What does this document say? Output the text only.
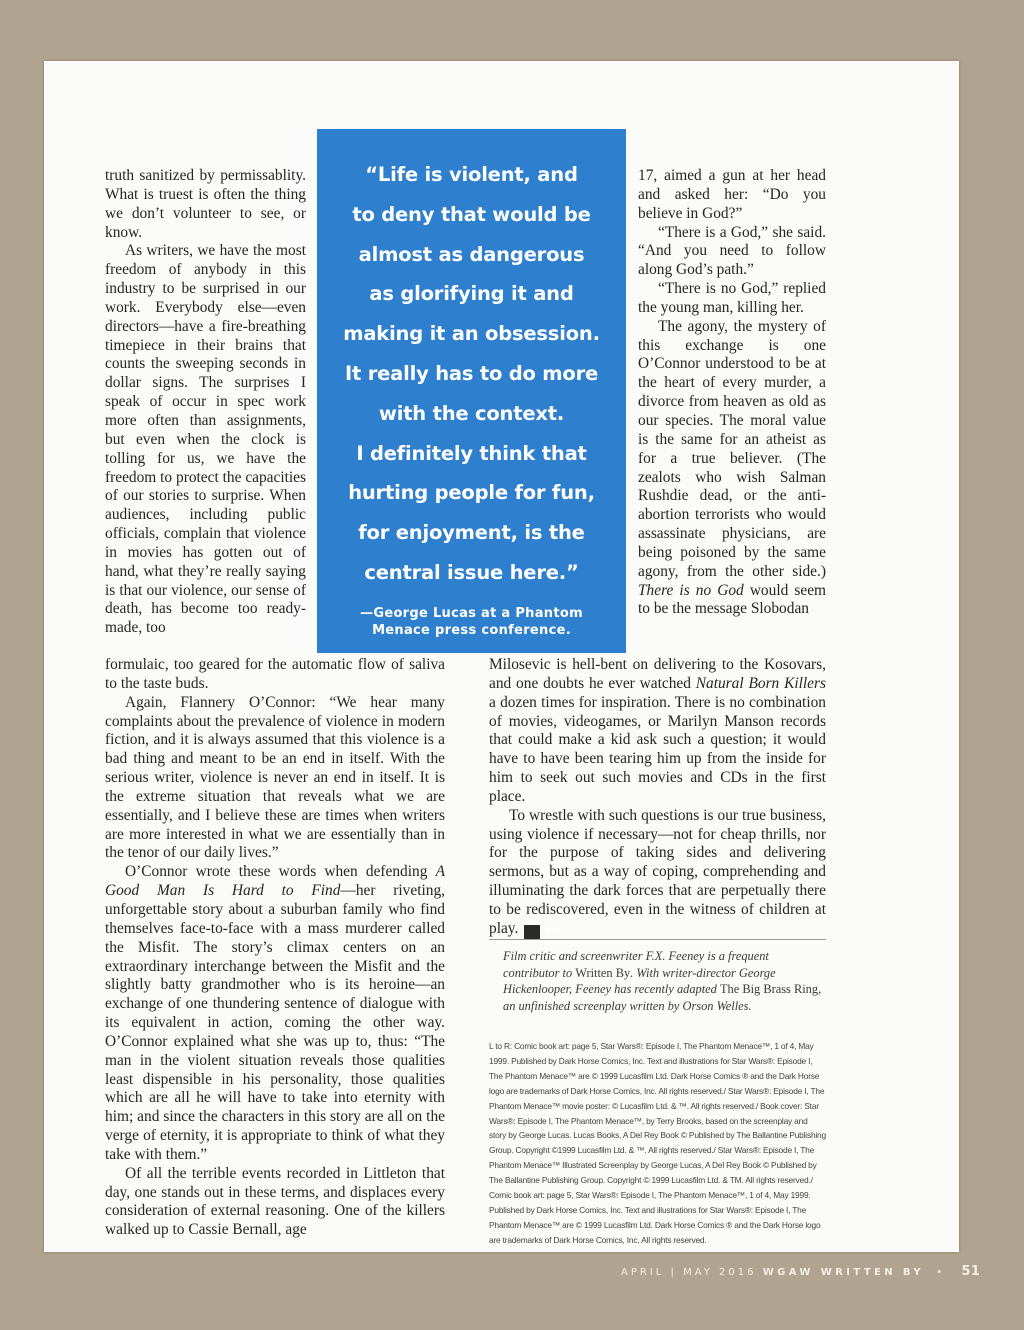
truth sanitized by permissablity. What is truest is often the thing we don’t volunteer to see, or know.

As writers, we have the most freedom of anybody in this industry to be surprised in our work. Everybody else—even directors—have a fire-breathing timepiece in their brains that counts the sweeping seconds in dollar signs. The surprises I speak of occur in spec work more often than assignments, but even when the clock is tolling for us, we have the freedom to protect the capacities of our stories to surprise. When audiences, including public officials, complain that violence in movies has gotten out of hand, what they’re really saying is that our violence, our sense of death, has become too ready-made, too

“Life is violent, and
to deny that would be
almost as dangerous
as glorifying it and
making it an obsession.
It really has to do more
with the context.
I definitely think that
hurting people for fun,
for enjoyment, is the
central issue here.”
—George Lucas at a Phantom
Menace press conference.

17, aimed a gun at her head and asked her: “Do you believe in God?”

“There is a God,” she said. “And you need to follow along God’s path.”

“There is no God,” replied the young man, killing her.

The agony, the mystery of this exchange is one O’Connor understood to be at the heart of every murder, a divorce from heaven as old as our species. The moral value is the same for an atheist as for a true believer. (The zealots who wish Salman Rushdie dead, or the anti-abortion terrorists who would assassinate physicians, are being poisoned by the same agony, from the other side.) There is no God would seem to be the message Slobodan

formulaic, too geared for the automatic flow of saliva to the taste buds.

Again, Flannery O’Connor: “We hear many complaints about the prevalence of violence in modern fiction, and it is always assumed that this violence is a bad thing and meant to be an end in itself. With the serious writer, violence is never an end in itself. It is the extreme situation that reveals what we are essentially, and I believe these are times when writers are more interested in what we are essentially than in the tenor of our daily lives.”

O’Connor wrote these words when defending A Good Man Is Hard to Find—her riveting, unforgettable story about a suburban family who find themselves face-to-face with a mass murderer called the Misfit. The story’s climax centers on an extraordinary interchange between the Misfit and the slightly batty grandmother who is its heroine—an exchange of one thundering sentence of dialogue with its equivalent in action, coming the other way. O’Connor explained what she was up to, thus: “The man in the violent situation reveals those qualities least dispensible in his personality, those qualities which are all he will have to take into eternity with him; and since the characters in this story are all on the verge of eternity, it is appropriate to think of what they take with them.”

Of all the terrible events recorded in Littleton that day, one stands out in these terms, and displaces every consideration of external reasoning. One of the killers walked up to Cassie Bernall, age

Milosevic is hell-bent on delivering to the Kosovars, and one doubts he ever watched Natural Born Killers a dozen times for inspiration. There is no combination of movies, videogames, or Marilyn Manson records that could make a kid ask such a question; it would have to have been tearing him up from the inside for him to seek out such movies and CDs in the first place.

To wrestle with such questions is our true business, using violence if necessary—not for cheap thrills, nor for the purpose of taking sides and delivering sermons, but as a way of coping, comprehending and illuminating the dark forces that are perpetually there to be rediscovered, even in the witness of children at play.	WB

Film critic and screenwriter F.X. Feeney is a frequent contributor to Written By. With writer-director George Hickenlooper, Feeney has recently adapted The Big Brass Ring, an unfinished screenplay written by Orson Welles.

L to R: Comic book art: page 5, Star Wars®: Episode I, The Phantom Menace™, 1 of 4, May 1999. Published by Dark Horse Comics, Inc. Text and illustrations for Star Wars®: Episode I, The Phantom Menace™ are © 1999 Lucasfilm Ltd. Dark Horse Comics ® and the Dark Horse logo are trademarks of Dark Horse Comics, Inc. All rights reserved./ Star Wars®: Episode I, The Phantom Menace™ movie poster: © Lucasfilm Ltd. & ™. All rights reserved./ Book cover: Star Wars®: Episode I, The Phantom Menace™, by Terry Brooks, based on the screenplay and story by George Lucas. Lucas Books, A Del Rey Book © Published by The Ballantine Publishing Group. Copyright ©1999 Lucasfilm Ltd. & ™. All rights reserved./ Star Wars®: Episode I, The Phantom Menace™ Illustrated Screenplay by George Lucas, A Del Rey Book © Published by The Ballantine Publishing Group. Copyright © 1999 Lucasfilm Ltd. & TM. All rights reserved./ Comic book art: page 5, Star Wars®: Episode I, The Phantom Menace™, 1 of 4, May 1999. Published by Dark Horse Comics, Inc. Text and illustrations for Star Wars®: Episode I, The Phantom Menace™ are © 1999 Lucasfilm Ltd. Dark Horse Comics ® and the Dark Horse logo are trademarks of Dark Horse Comics, Inc. All rights reserved.

APRIL | MAY 2016 WGAW WRITTEN BY • 51
